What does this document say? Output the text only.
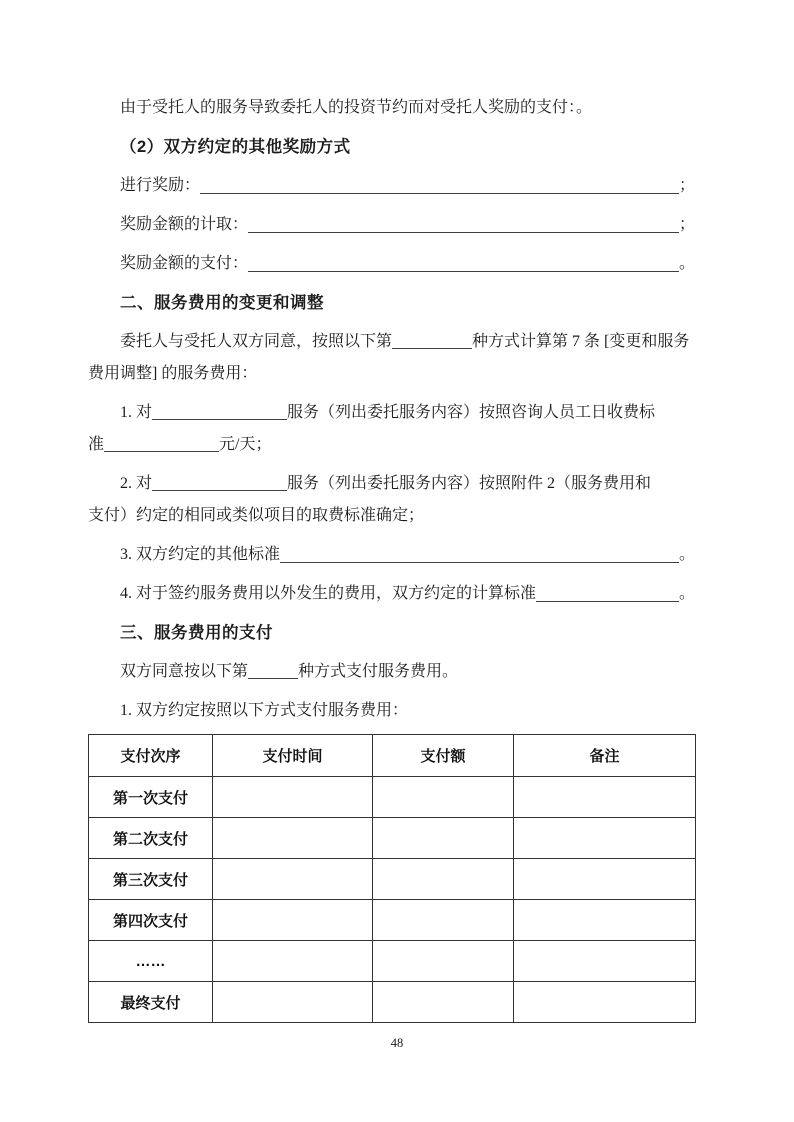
由于受托人的服务导致委托人的投资节约而对受托人奖励的支付：。

（2）双方约定的其他奖励方式

进行奖励：	；
奖励金额的计取：	；
奖励金额的支付：	。

二、服务费用的变更和调整

委托人与受托人双方同意，按照以下第	种方式计算第 7 条 [变更和服务
费用调整] 的服务费用：
1. 对	服务（列出委托服务内容）按照咨询人员工日收费标
准	元/天；
2. 对	服务（列出委托服务内容）按照附件 2（服务费用和
支付）约定的相同或类似项目的取费标准确定；
3. 双方约定的其他标准	。
4. 对于签约服务费用以外发生的费用，双方约定的计算标准	。

三、服务费用的支付

双方同意按以下第	种方式支付服务费用。

1. 双方约定按照以下方式支付服务费用：

支付次序	支付时间	支付额	备注
第一次支付			
第二次支付			
第三次支付			
第四次支付			
……			
最终支付			
48
